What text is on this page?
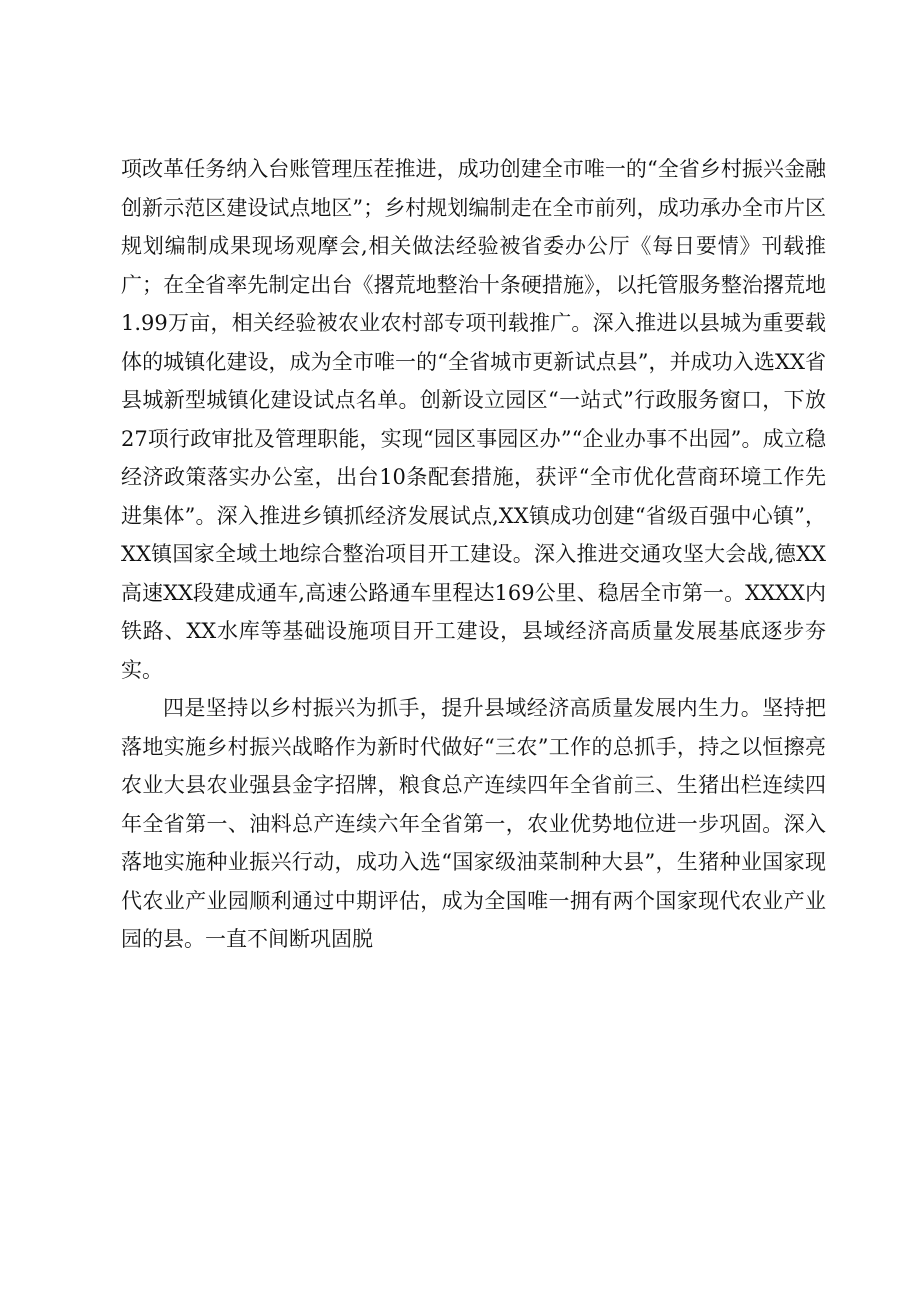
项改革任务纳入台账管理压茬推进，成功创建全市唯一的“全省乡村振兴金融创新示范区建设试点地区”；乡村规划编制走在全市前列，成功承办全市片区规划编制成果现场观摩会,相关做法经验被省委办公厅《每日要情》刊载推广；在全省率先制定出台《撂荒地整治十条硬措施》，以托管服务整治撂荒地1.99万亩，相关经验被农业农村部专项刊载推广。深入推进以县城为重要载体的城镇化建设，成为全市唯一的“全省城市更新试点县”，并成功入选XX省县城新型城镇化建设试点名单。创新设立园区“一站式”行政服务窗口，下放27项行政审批及管理职能，实现“园区事园区办”“企业办事不出园”。成立稳经济政策落实办公室，出台10条配套措施，获评“全市优化营商环境工作先进集体”。深入推进乡镇抓经济发展试点,XX镇成功创建“省级百强中心镇”，XX镇国家全域土地综合整治项目开工建设。深入推进交通攻坚大会战,德XX高速XX段建成通车,高速公路通车里程达169公里、稳居全市第一。XXXX内铁路、XX水库等基础设施项目开工建设，县域经济高质量发展基底逐步夯实。

四是坚持以乡村振兴为抓手，提升县域经济高质量发展内生力。坚持把落地实施乡村振兴战略作为新时代做好“三农”工作的总抓手，持之以恒擦亮农业大县农业强县金字招牌，粮食总产连续四年全省前三、生猪出栏连续四年全省第一、油料总产连续六年全省第一，农业优势地位进一步巩固。深入落地实施种业振兴行动，成功入选“国家级油菜制种大县”，生猪种业国家现代农业产业园顺利通过中期评估，成为全国唯一拥有两个国家现代农业产业园的县。一直不间断巩固脱
